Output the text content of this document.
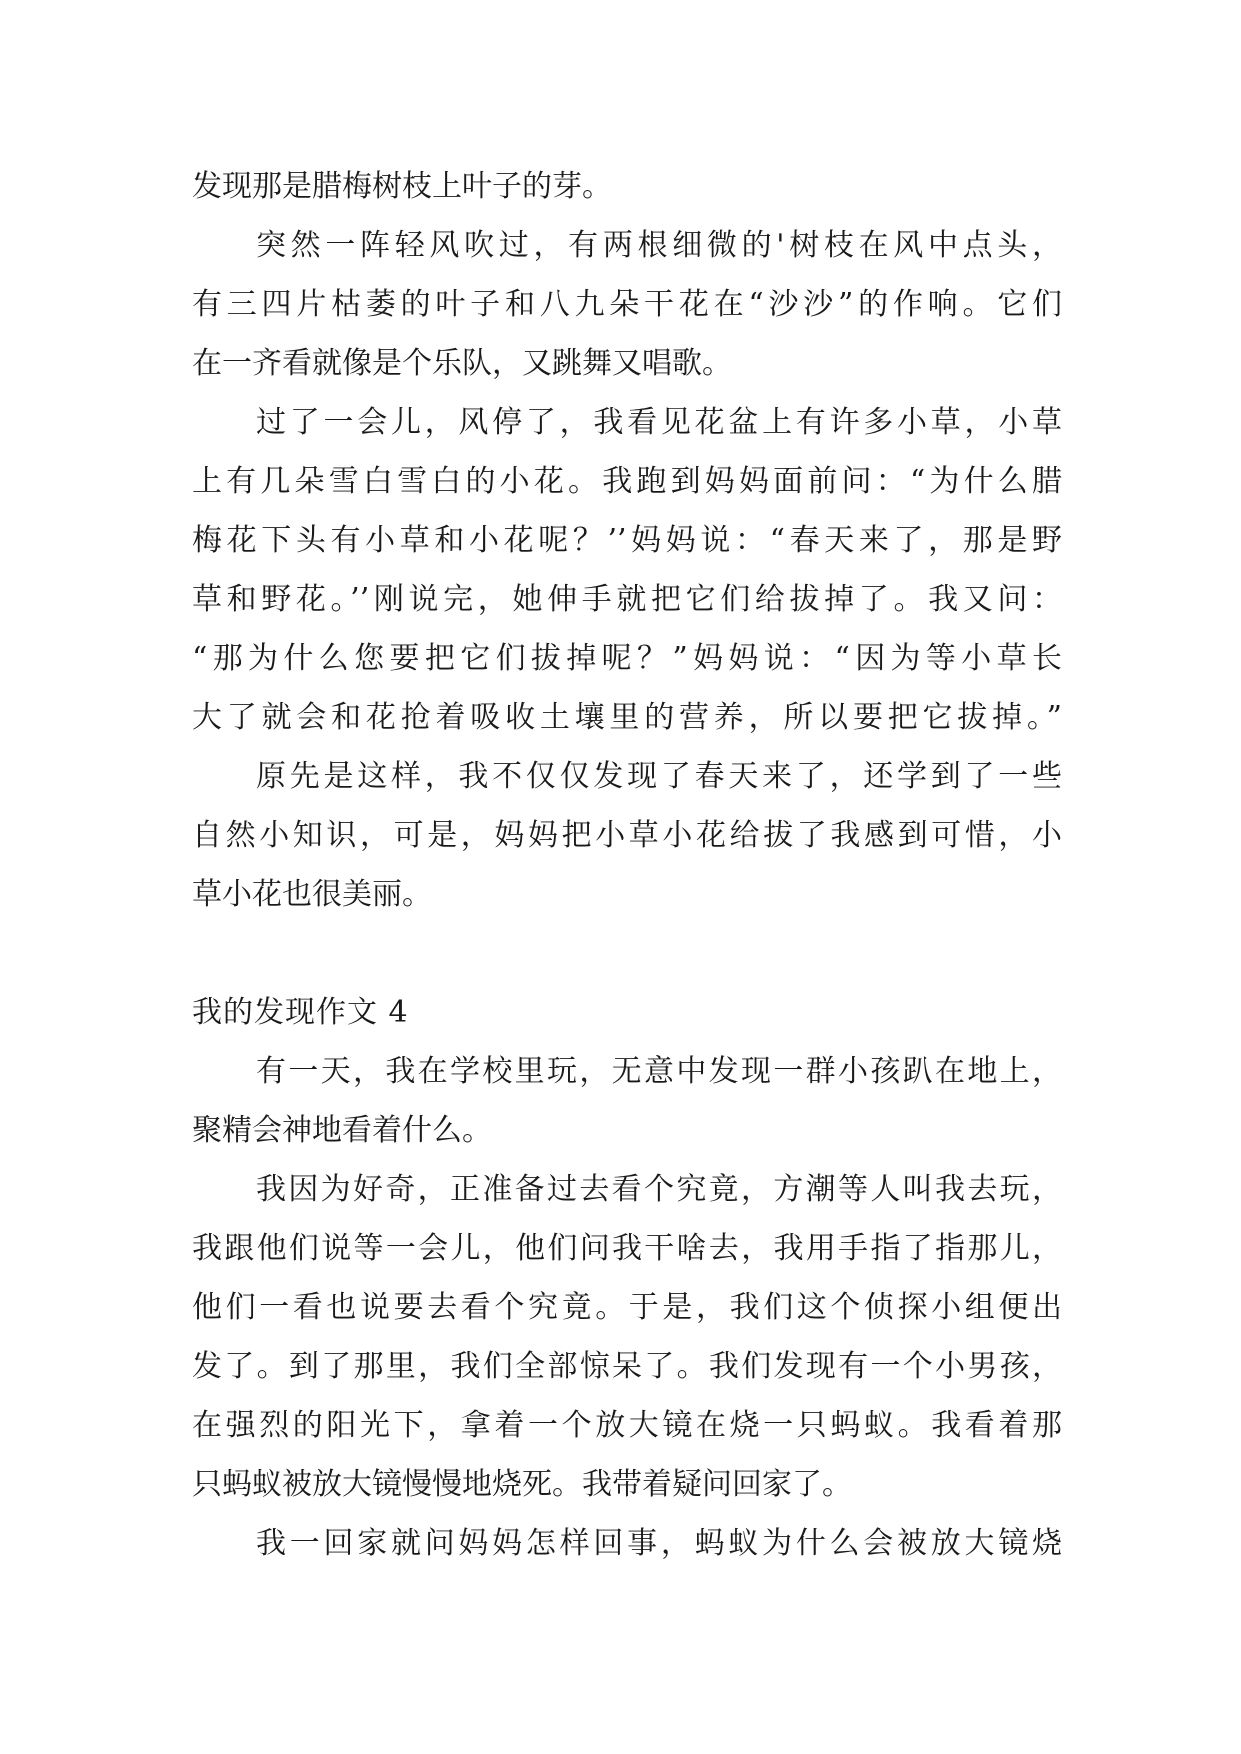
发现那是腊梅树枝上叶子的芽。
突然一阵轻风吹过，有两根细微的'树枝在风中点头，
有三四片枯萎的叶子和八九朵干花在“沙沙”的作响。它们
在一齐看就像是个乐队，又跳舞又唱歌。
过了一会儿，风停了，我看见花盆上有许多小草，小草
上有几朵雪白雪白的小花。我跑到妈妈面前问：“为什么腊
梅花下头有小草和小花呢？’’妈妈说：“春天来了，那是野
草和野花。’’刚说完，她伸手就把它们给拔掉了。我又问：
“那为什么您要把它们拔掉呢？”妈妈说：“因为等小草长
大了就会和花抢着吸收土壤里的营养，所以要把它拔掉。”
原先是这样，我不仅仅发现了春天来了，还学到了一些
自然小知识，可是，妈妈把小草小花给拔了我感到可惜，小
草小花也很美丽。
我的发现作文 4
有一天，我在学校里玩，无意中发现一群小孩趴在地上，
聚精会神地看着什么。
我因为好奇，正准备过去看个究竟，方潮等人叫我去玩，
我跟他们说等一会儿，他们问我干啥去，我用手指了指那儿，
他们一看也说要去看个究竟。于是，我们这个侦探小组便出
发了。到了那里，我们全部惊呆了。我们发现有一个小男孩，
在强烈的阳光下，拿着一个放大镜在烧一只蚂蚁。我看着那
只蚂蚁被放大镜慢慢地烧死。我带着疑问回家了。
我一回家就问妈妈怎样回事，蚂蚁为什么会被放大镜烧
